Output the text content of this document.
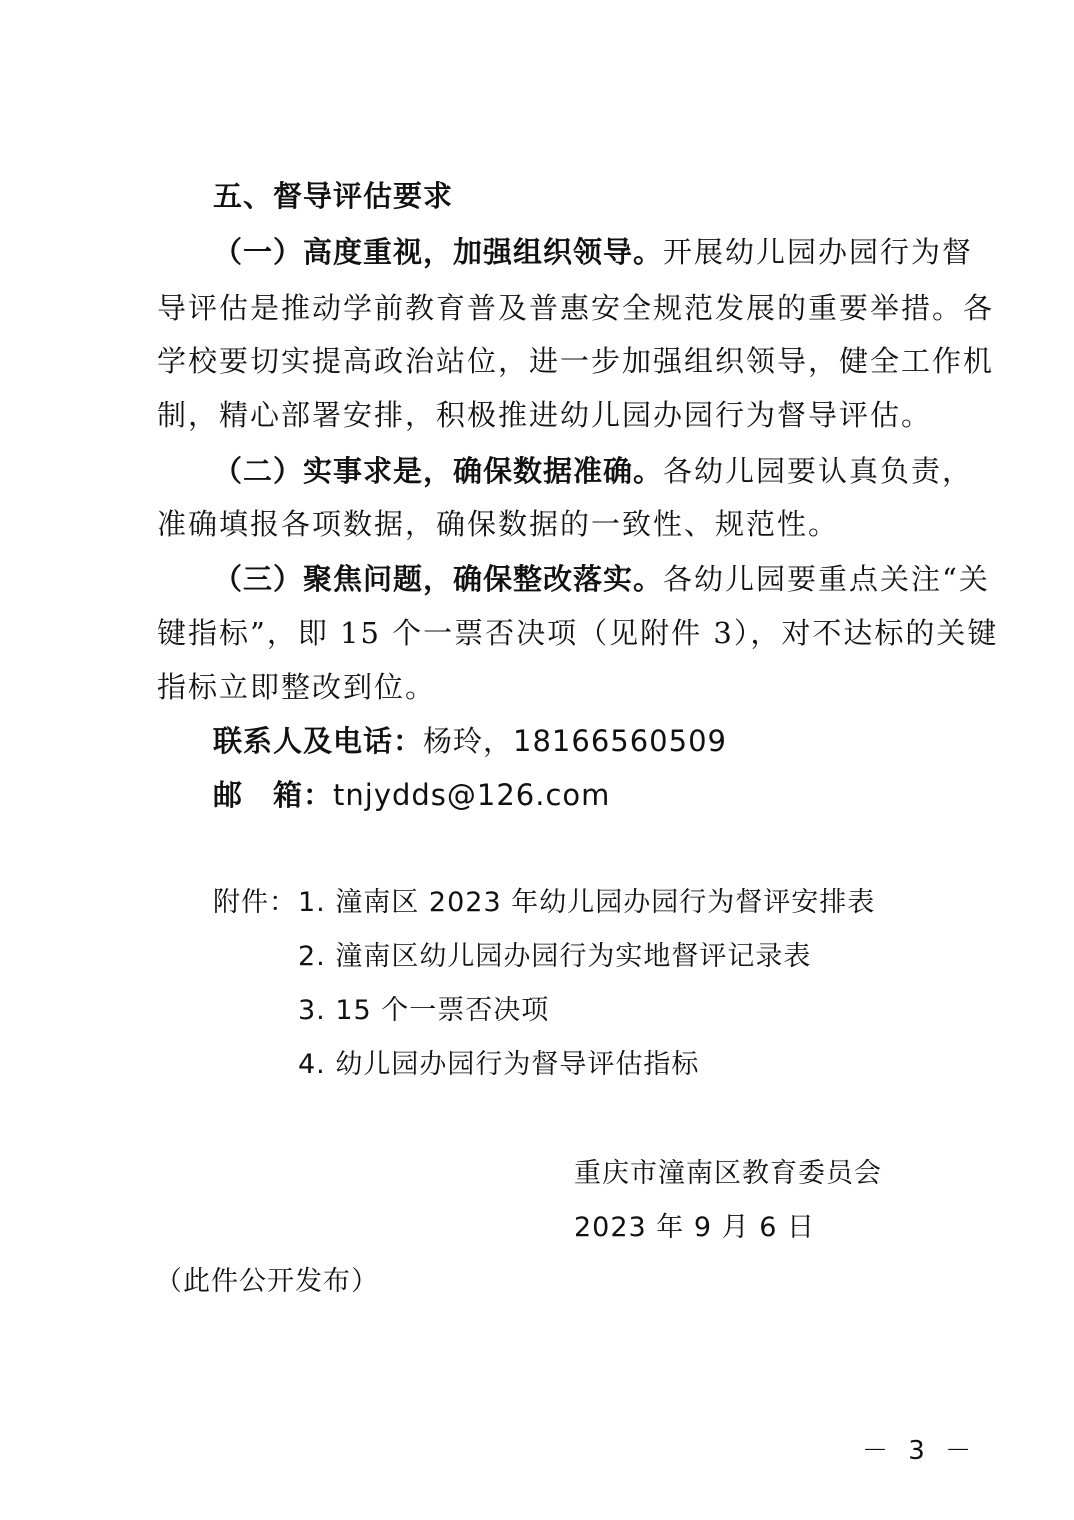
五、督导评估要求
（一）高度重视，加强组织领导。开展幼儿园办园行为督
导评估是推动学前教育普及普惠安全规范发展的重要举措。各
学校要切实提高政治站位，进一步加强组织领导，健全工作机
制，精心部署安排，积极推进幼儿园办园行为督导评估。
（二）实事求是，确保数据准确。各幼儿园要认真负责，
准确填报各项数据，确保数据的一致性、规范性。
（三）聚焦问题，确保整改落实。各幼儿园要重点关注“关
键指标”，即 15 个一票否决项（见附件 3），对不达标的关键
指标立即整改到位。
联系人及电话：杨玲，18166560509
邮　箱：tnjydds@126.com
附件： 1. 潼南区 2023 年幼儿园办园行为督评安排表
2. 潼南区幼儿园办园行为实地督评记录表
3. 15 个一票否决项
4. 幼儿园办园行为督导评估指标
重庆市潼南区教育委员会
2023 年 9 月 6 日
（此件公开发布）
－ 3 －
